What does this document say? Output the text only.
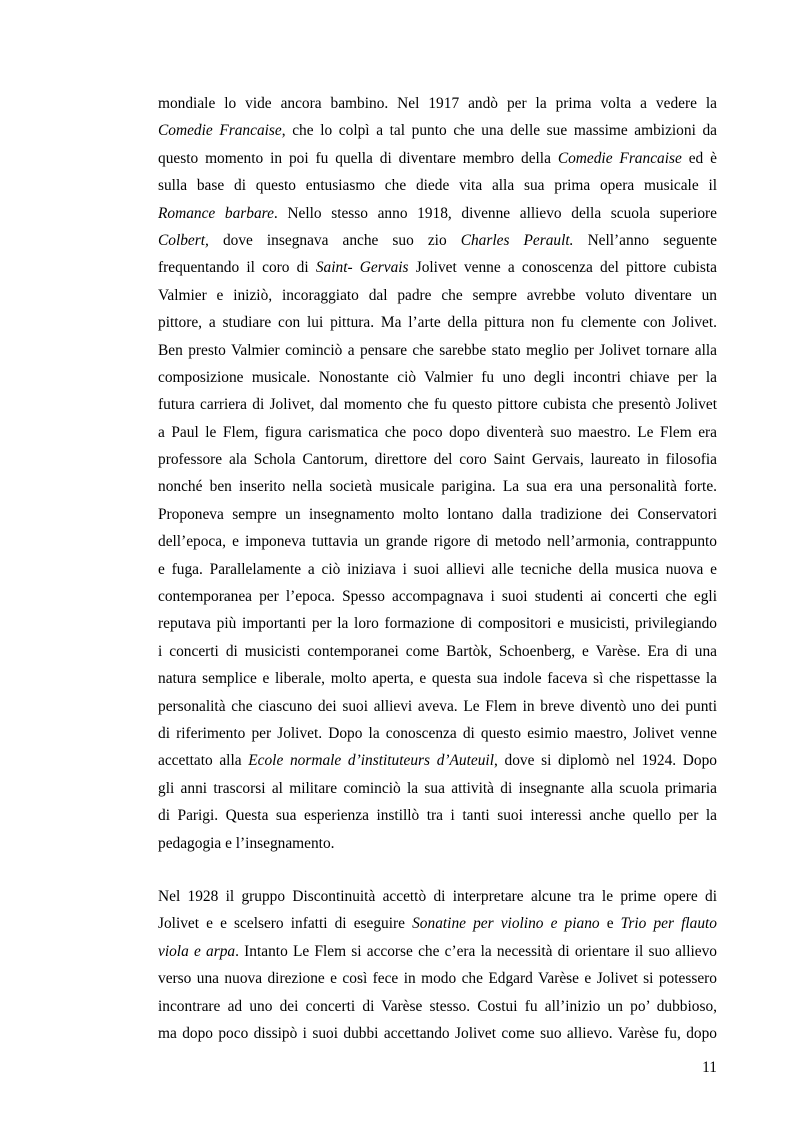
mondiale lo vide ancora bambino. Nel 1917 andò per la prima volta a vedere la
Comedie Francaise, che lo colpì a tal punto che una delle sue massime ambizioni da
questo momento in poi fu quella di diventare membro della Comedie Francaise ed è
sulla base di questo entusiasmo che diede vita alla sua prima opera musicale il
Romance barbare. Nello stesso anno 1918, divenne allievo della scuola superiore
Colbert, dove insegnava anche suo zio Charles Perault. Nell’anno seguente
frequentando il coro di Saint- Gervais Jolivet venne a conoscenza del pittore cubista
Valmier e iniziò, incoraggiato dal padre che sempre avrebbe voluto diventare un
pittore, a studiare con lui pittura. Ma l’arte della pittura non fu clemente con Jolivet.
Ben presto Valmier cominciò a pensare che sarebbe stato meglio per Jolivet tornare alla
composizione musicale. Nonostante ciò Valmier fu uno degli incontri chiave per la
futura carriera di Jolivet, dal momento che fu questo pittore cubista che presentò Jolivet
a Paul le Flem, figura carismatica che poco dopo diventerà suo maestro. Le Flem era
professore ala Schola Cantorum, direttore del coro Saint Gervais, laureato in filosofia
nonché ben inserito nella società musicale parigina. La sua era una personalità forte.
Proponeva sempre un insegnamento molto lontano dalla tradizione dei Conservatori
dell’epoca, e imponeva tuttavia un grande rigore di metodo nell’armonia, contrappunto
e fuga. Parallelamente a ciò iniziava i suoi allievi alle tecniche della musica nuova e
contemporanea per l’epoca. Spesso accompagnava i suoi studenti ai concerti che egli
reputava più importanti per la loro formazione di compositori e musicisti, privilegiando
i concerti di musicisti contemporanei come Bartòk, Schoenberg, e Varèse. Era di una
natura semplice e liberale, molto aperta, e questa sua indole faceva sì che rispettasse la
personalità che ciascuno dei suoi allievi aveva. Le Flem in breve diventò uno dei punti
di riferimento per Jolivet. Dopo la conoscenza di questo esimio maestro, Jolivet venne
accettato alla Ecole normale d’instituteurs d’Auteuil, dove si diplomò nel 1924. Dopo
gli anni trascorsi al militare cominciò la sua attività di insegnante alla scuola primaria
di Parigi. Questa sua esperienza instillò tra i tanti suoi interessi anche quello per la
pedagogia e l’insegnamento.
Nel 1928 il gruppo Discontinuità accettò di interpretare alcune tra le prime opere di
Jolivet e e scelsero infatti di eseguire Sonatine per violino e piano e Trio per flauto
viola e arpa. Intanto Le Flem si accorse che c’era la necessità di orientare il suo allievo
verso una nuova direzione e così fece in modo che Edgard Varèse e Jolivet si potessero
incontrare ad uno dei concerti di Varèse stesso. Costui fu all’inizio un po’ dubbioso,
ma dopo poco dissipò i suoi dubbi accettando Jolivet come suo allievo. Varèse fu, dopo
11
